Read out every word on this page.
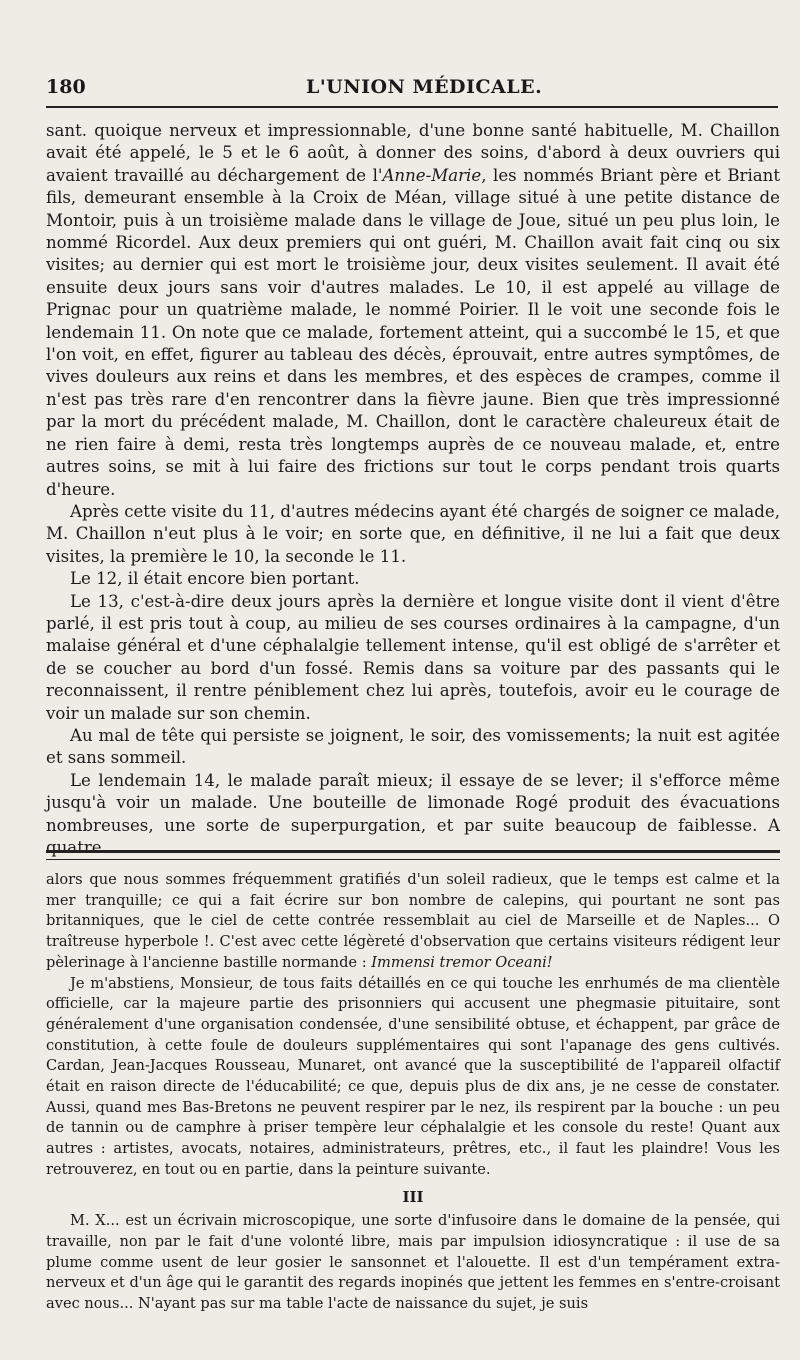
180	L'UNION MÉDICALE.

sant. quoique nerveux et impressionnable, d'une bonne santé habituelle, M. Chaillon avait été appelé, le 5 et le 6 août, à donner des soins, d'abord à deux ouvriers qui avaient travaillé au déchargement de l'Anne-Marie, les nommés Briant père et Briant fils, demeurant ensemble à la Croix de Méan, village situé à une petite distance de Montoir, puis à un troisième malade dans le village de Joue, situé un peu plus loin, le nommé Ricordel. Aux deux premiers qui ont guéri, M. Chaillon avait fait cinq ou six visites; au dernier qui est mort le troisième jour, deux visites seulement. Il avait été ensuite deux jours sans voir d'autres malades. Le 10, il est appelé au village de Prignac pour un quatrième malade, le nommé Poirier. Il le voit une seconde fois le lendemain 11. On note que ce malade, fortement atteint, qui a succombé le 15, et que l'on voit, en effet, figurer au tableau des décès, éprouvait, entre autres symptômes, de vives douleurs aux reins et dans les membres, et des espèces de crampes, comme il n'est pas très rare d'en rencontrer dans la fièvre jaune. Bien que très impressionné par la mort du précédent malade, M. Chaillon, dont le caractère chaleureux était de ne rien faire à demi, resta très longtemps auprès de ce nouveau malade, et, entre autres soins, se mit à lui faire des frictions sur tout le corps pendant trois quarts d'heure.

Après cette visite du 11, d'autres médecins ayant été chargés de soigner ce malade, M. Chaillon n'eut plus à le voir; en sorte que, en définitive, il ne lui a fait que deux visites, la première le 10, la seconde le 11.

Le 12, il était encore bien portant.

Le 13, c'est-à-dire deux jours après la dernière et longue visite dont il vient d'être parlé, il est pris tout à coup, au milieu de ses courses ordinaires à la campagne, d'un malaise général et d'une céphalalgie tellement intense, qu'il est obligé de s'arrêter et de se coucher au bord d'un fossé. Remis dans sa voiture par des passants qui le reconnaissent, il rentre péniblement chez lui après, toutefois, avoir eu le courage de voir un malade sur son chemin.

Au mal de tête qui persiste se joignent, le soir, des vomissements; la nuit est agitée et sans sommeil.

Le lendemain 14, le malade paraît mieux; il essaye de se lever; il s'efforce même jusqu'à voir un malade. Une bouteille de limonade Rogé produit des évacuations nombreuses, une sorte de superpurgation, et par suite beaucoup de faiblesse. A quatre

alors que nous sommes fréquemment gratifiés d'un soleil radieux, que le temps est calme et la mer tranquille; ce qui a fait écrire sur bon nombre de calepins, qui pourtant ne sont pas britanniques, que le ciel de cette contrée ressemblait au ciel de Marseille et de Naples... O traîtreuse hyperbole !. C'est avec cette légèreté d'observation que certains visiteurs rédigent leur pèlerinage à l'ancienne bastille normande : Immensi tremor Oceani!

Je m'abstiens, Monsieur, de tous faits détaillés en ce qui touche les enrhumés de ma clientèle officielle, car la majeure partie des prisonniers qui accusent une phegmasie pituitaire, sont généralement d'une organisation condensée, d'une sensibilité obtuse, et échappent, par grâce de constitution, à cette foule de douleurs supplémentaires qui sont l'apanage des gens cultivés. Cardan, Jean-Jacques Rousseau, Munaret, ont avancé que la susceptibilité de l'appareil olfactif était en raison directe de l'éducabilité; ce que, depuis plus de dix ans, je ne cesse de constater. Aussi, quand mes Bas-Bretons ne peuvent respirer par le nez, ils respirent par la bouche : un peu de tannin ou de camphre à priser tempère leur céphalalgie et les console du reste! Quant aux autres : artistes, avocats, notaires, administrateurs, prêtres, etc., il faut les plaindre! Vous les retrouverez, en tout ou en partie, dans la peinture suivante.

III

M. X... est un écrivain microscopique, une sorte d'infusoire dans le domaine de la pensée, qui travaille, non par le fait d'une volonté libre, mais par impulsion idiosyncratique : il use de sa plume comme usent de leur gosier le sansonnet et l'alouette. Il est d'un tempérament extra-nerveux et d'un âge qui le garantit des regards inopinés que jettent les femmes en s'entre-croisant avec nous... N'ayant pas sur ma table l'acte de naissance du sujet, je suis
